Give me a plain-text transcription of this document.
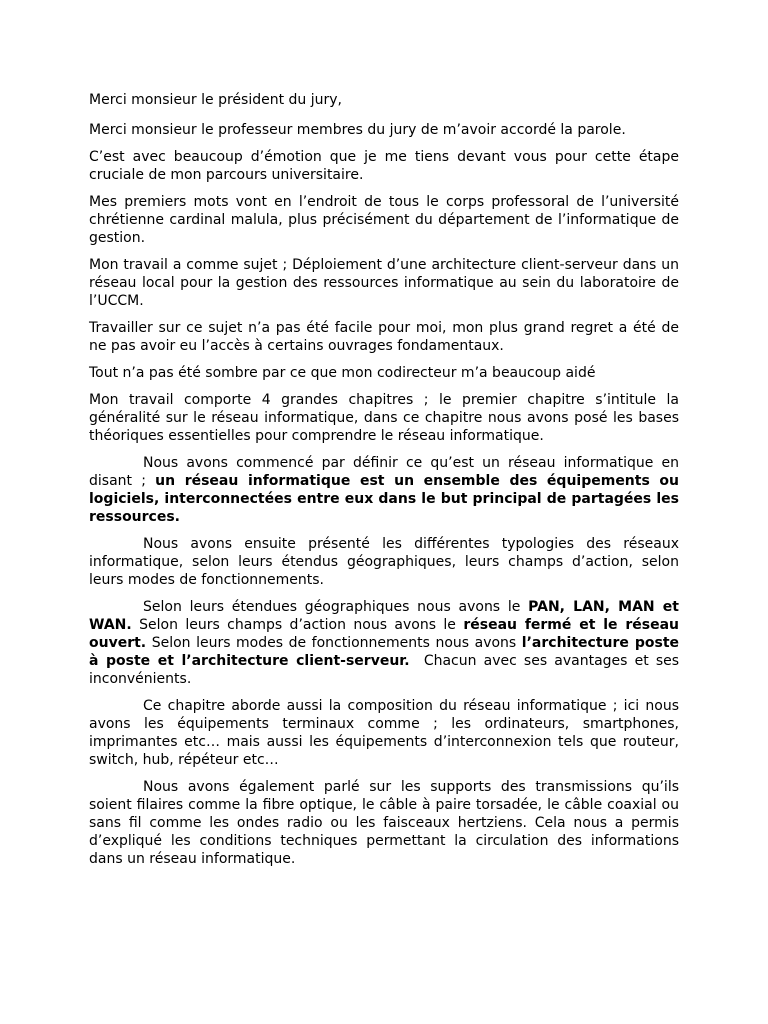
Merci monsieur le président du jury,

Merci monsieur le professeur membres du jury de m’avoir accordé la parole.

C’est avec beaucoup d’émotion que je me tiens devant vous pour cette étape cruciale de mon parcours universitaire.

Mes premiers mots vont en l’endroit de tous le corps professoral de l’université chrétienne cardinal malula, plus précisément du département de l’informatique de gestion.

Mon travail a comme sujet ; Déploiement d’une architecture client-serveur dans un réseau local pour la gestion des ressources informatique au sein du laboratoire de l’UCCM.

Travailler sur ce sujet n’a pas été facile pour moi, mon plus grand regret a été de ne pas avoir eu l’accès à certains ouvrages fondamentaux.

Tout n’a pas été sombre par ce que mon codirecteur m’a beaucoup aidé

Mon travail comporte 4 grandes chapitres ; le premier chapitre s’intitule la généralité sur le réseau informatique, dans ce chapitre nous avons posé les bases théoriques essentielles pour comprendre le réseau informatique.

Nous avons commencé par définir ce qu’est un réseau informatique en disant ; un réseau informatique est un ensemble des équipements ou logiciels, interconnectées entre eux dans le but principal de partagées les ressources.

Nous avons ensuite présenté les différentes typologies des réseaux informatique, selon leurs étendus géographiques, leurs champs d’action, selon leurs modes de fonctionnements.

Selon leurs étendues géographiques nous avons le PAN, LAN, MAN et WAN. Selon leurs champs d’action nous avons le réseau fermé et le réseau ouvert. Selon leurs modes de fonctionnements nous avons l’architecture poste à poste et l’architecture client-serveur. Chacun avec ses avantages et ses inconvénients.

Ce chapitre aborde aussi la composition du réseau informatique ; ici nous avons les équipements terminaux comme ; les ordinateurs, smartphones, imprimantes etc… mais aussi les équipements d’interconnexion tels que routeur, switch, hub, répéteur etc…

Nous avons également parlé sur les supports des transmissions qu’ils soient filaires comme la fibre optique, le câble à paire torsadée, le câble coaxial ou sans fil comme les ondes radio ou les faisceaux hertziens. Cela nous a permis d’expliqué les conditions techniques permettant la circulation des informations dans un réseau informatique.
